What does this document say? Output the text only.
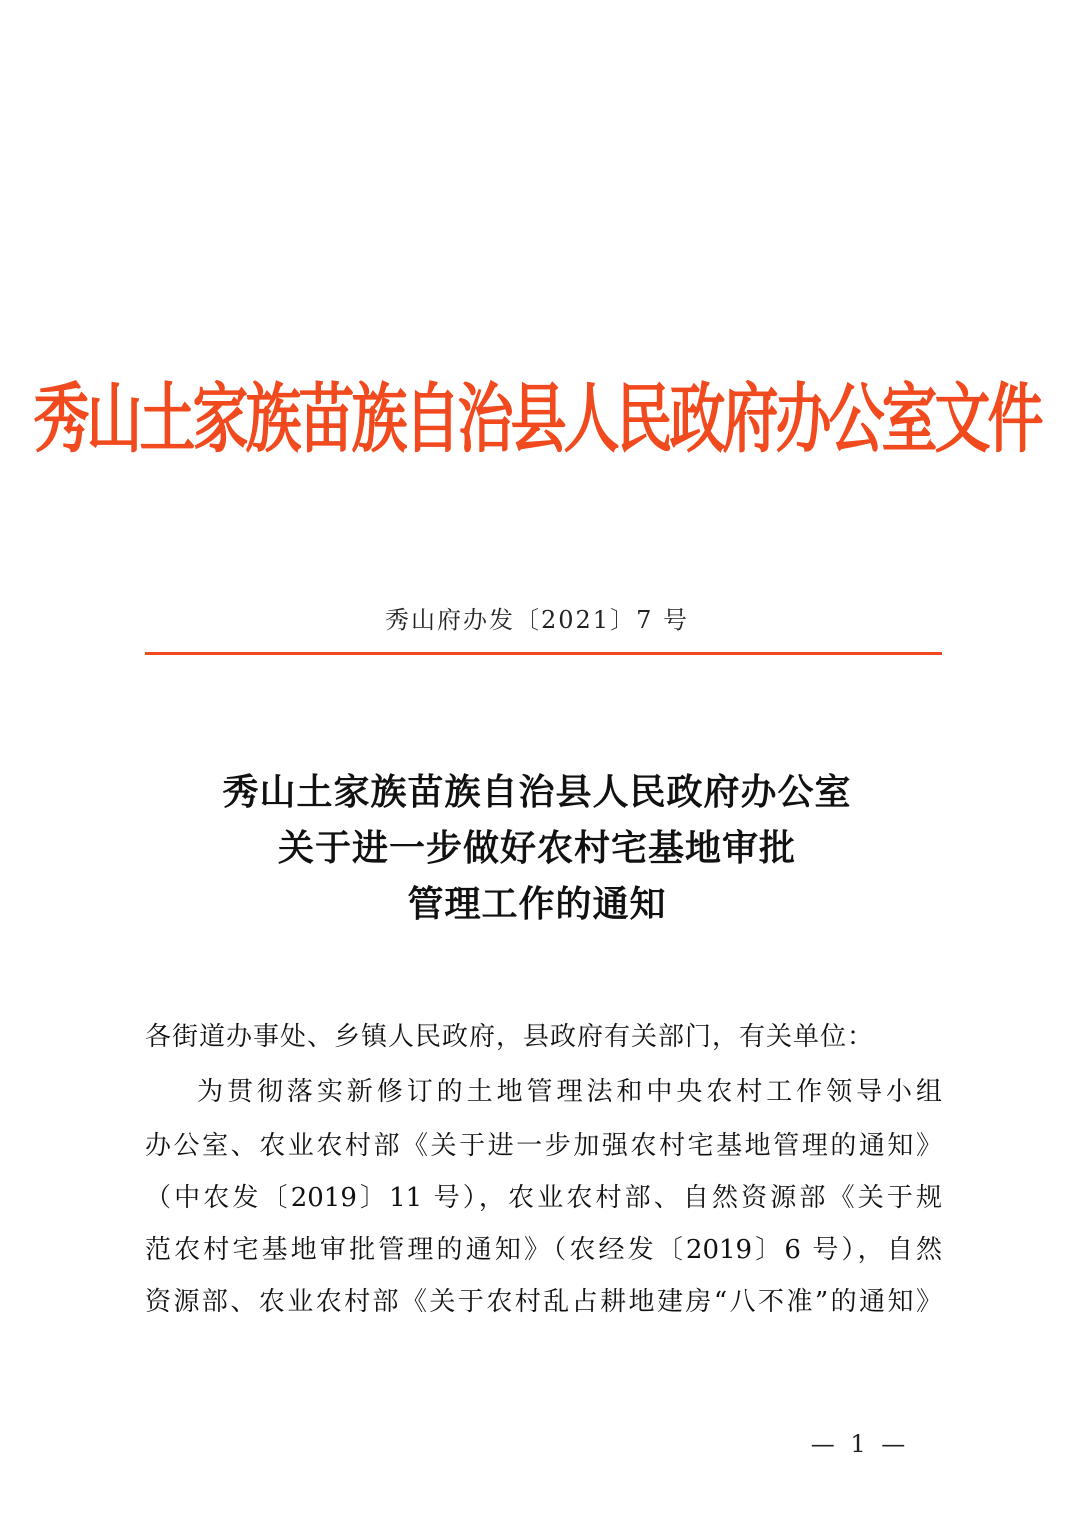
秀山土家族苗族自治县人民政府办公室文件
秀山府办发〔2021〕7 号
秀山土家族苗族自治县人民政府办公室
关于进一步做好农村宅基地审批
管理工作的通知
各街道办事处、乡镇人民政府，县政府有关部门，有关单位：
为贯彻落实新修订的土地管理法和中央农村工作领导小组
办公室、农业农村部《关于进一步加强农村宅基地管理的通知》
（中农发〔2019〕11 号），农业农村部、自然资源部《关于规
范农村宅基地审批管理的通知》（农经发〔2019〕6 号），自然
资源部、农业农村部《关于农村乱占耕地建房“八不准”的通知》
— 1 —
